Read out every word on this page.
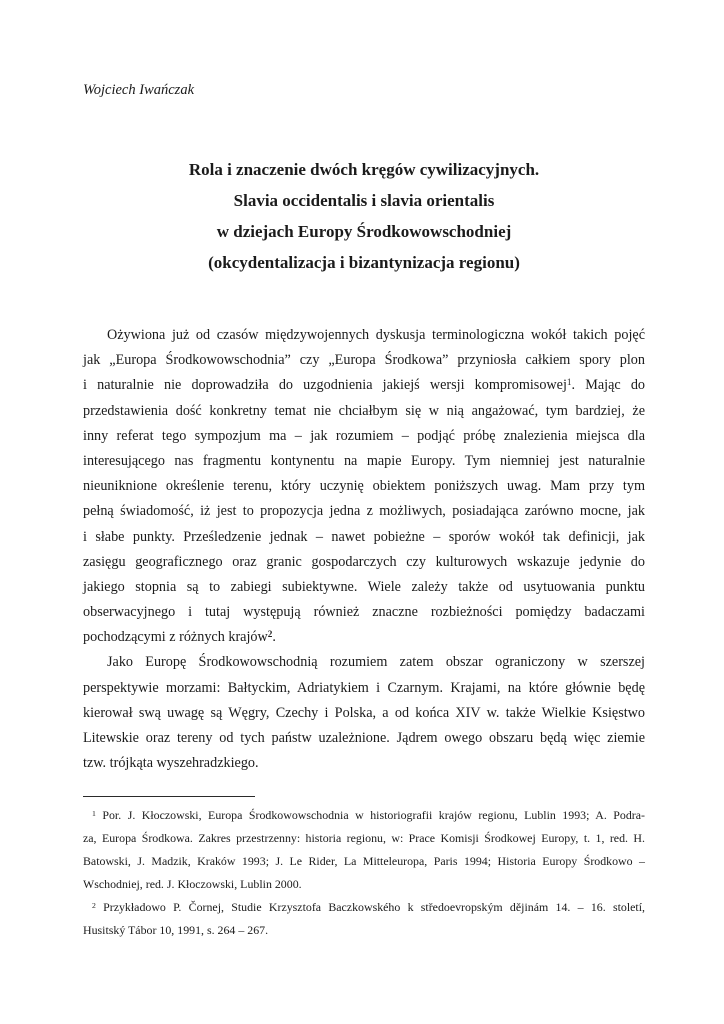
Wojciech Iwańczak
Rola i znaczenie dwóch kręgów cywilizacyjnych.
Slavia occidentalis i slavia orientalis
w dziejach Europy Środkowowschodniej
(okcydentalizacja i bizantynizacja regionu)
Ożywiona już od czasów międzywojennych dyskusja terminologiczna wokół takich pojęć
jak „Europa Środkowowschodnia” czy „Europa Środkowa” przyniosła całkiem spory plon
i naturalnie nie doprowadziła do uzgodnienia jakiejś wersji kompromisowej$^1$. Mając do
przedstawienia dość konkretny temat nie chciałbym się w nią angażować, tym bardziej, że
inny referat tego sympozjum ma – jak rozumiem – podjąć próbę znalezienia miejsca dla
interesującego nas fragmentu kontynentu na mapie Europy. Tym niemniej jest naturalnie
nieuniknione określenie terenu, który uczynię obiektem poniższych uwag. Mam przy tym
pełną świadomość, iż jest to propozycja jedna z możliwych, posiadająca zarówno mocne, jak
i słabe punkty. Prześledzenie jednak – nawet pobieżne – sporów wokół tak definicji, jak
zasięgu geograficznego oraz granic gospodarczych czy kulturowych wskazuje jedynie do
jakiego stopnia są to zabiegi subiektywne. Wiele zależy także od usytuowania punktu
obserwacyjnego i tutaj występują również znaczne rozbieżności pomiędzy badaczami
pochodzącymi z różnych krajów$^2$.
Jako Europę Środkowowschodnią rozumiem zatem obszar ograniczony w szerszej
perspektywie morzami: Bałtyckim, Adriatykiem i Czarnym. Krajami, na które głównie będę
kierował swą uwagę są Węgry, Czechy i Polska, a od końca XIV w. także Wielkie Księstwo
Litewskie oraz tereny od tych państw uzależnione. Jądrem owego obszaru będą więc ziemie
tzw. trójkąta wyszehradzkiego.
$^1$ Por. J. Kłoczowski, Europa Środkowowschodnia w historiografii krajów regionu, Lublin 1993; A. Podra-
za, Europa Środkowa. Zakres przestrzenny: historia regionu, w: Prace Komisji Środkowej Europy, t. 1, red. H.
Batowski, J. Madzik, Kraków 1993; J. Le Rider, La Mitteleuropa, Paris 1994; Historia Europy Środkowo –
Wschodniej, red. J. Kłoczowski, Lublin 2000.
$^2$ Przykładowo P. Čornej, Studie Krzysztofa Baczkowského k středoevropským dějinám 14. – 16. století,
Husitský Tábor 10, 1991, s. 264 – 267.
